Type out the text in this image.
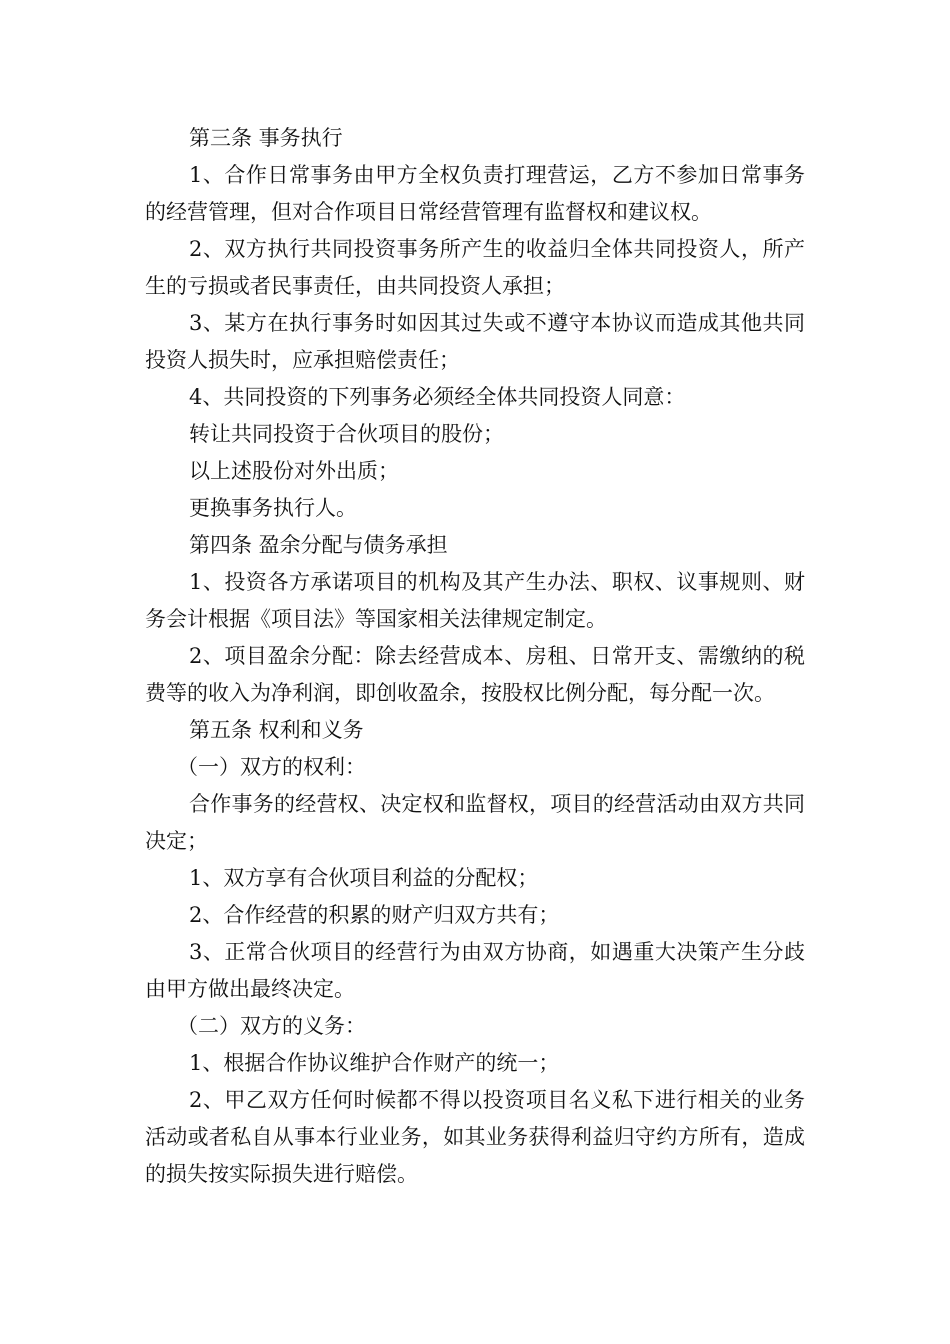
第三条 事务执行

1、合作日常事务由甲方全权负责打理营运，乙方不参加日常事务的经营管理，但对合作项目日常经营管理有监督权和建议权。

2、双方执行共同投资事务所产生的收益归全体共同投资人，所产生的亏损或者民事责任，由共同投资人承担；

3、某方在执行事务时如因其过失或不遵守本协议而造成其他共同投资人损失时，应承担赔偿责任；

4、共同投资的下列事务必须经全体共同投资人同意：

转让共同投资于合伙项目的股份；

以上述股份对外出质；

更换事务执行人。

第四条 盈余分配与债务承担

1、投资各方承诺项目的机构及其产生办法、职权、议事规则、财务会计根据《项目法》等国家相关法律规定制定。

2、项目盈余分配：除去经营成本、房租、日常开支、需缴纳的税费等的收入为净利润，即创收盈余，按股权比例分配，每分配一次。

第五条 权利和义务

（一）双方的权利：

合作事务的经营权、决定权和监督权，项目的经营活动由双方共同决定；

1、双方享有合伙项目利益的分配权；

2、合作经营的积累的财产归双方共有；

3、正常合伙项目的经营行为由双方协商，如遇重大决策产生分歧由甲方做出最终决定。

（二）双方的义务：

1、根据合作协议维护合作财产的统一；

2、甲乙双方任何时候都不得以投资项目名义私下进行相关的业务活动或者私自从事本行业业务，如其业务获得利益归守约方所有，造成的损失按实际损失进行赔偿。
